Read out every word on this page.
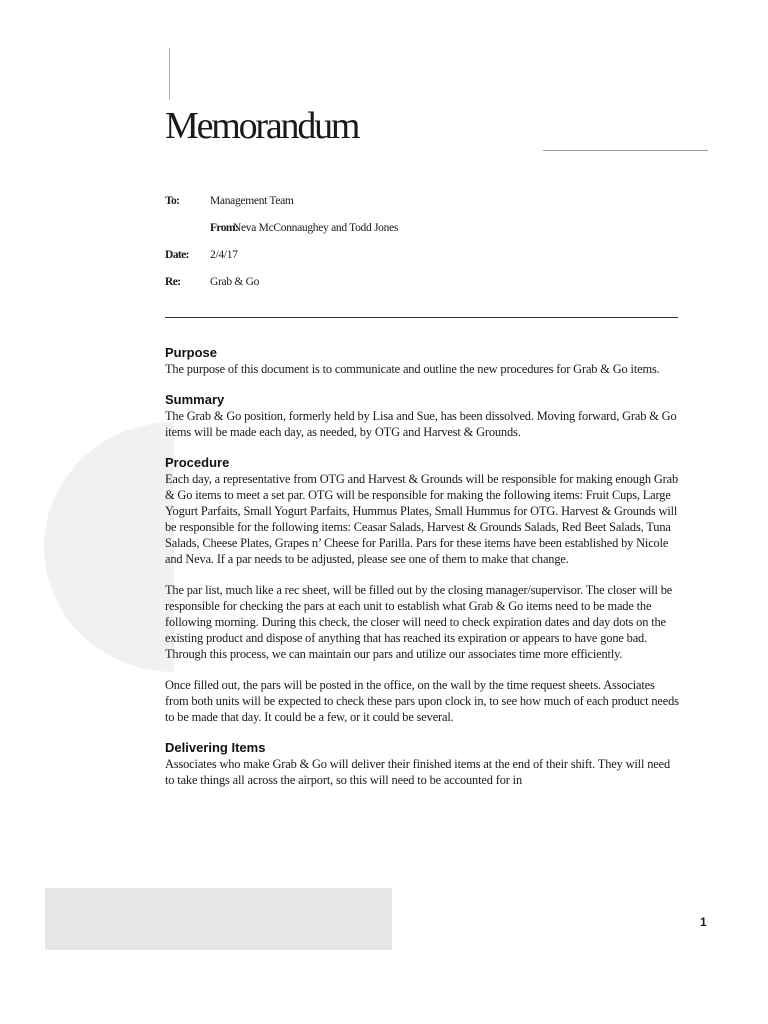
Memorandum
To:	Management Team
From:Neva McConnaughey and Todd Jones
Date: 2/4/17
Re:	Grab & Go
Purpose

The purpose of this document is to communicate and outline the new procedures for Grab & Go items.

Summary

The Grab & Go position, formerly held by Lisa and Sue, has been dissolved. Moving forward, Grab & Go items will be made each day, as needed, by OTG and Harvest & Grounds.

Procedure

Each day, a representative from OTG and Harvest & Grounds will be responsible for making enough Grab & Go items to meet a set par. OTG will be responsible for making the following items: Fruit Cups, Large Yogurt Parfaits, Small Yogurt Parfaits, Hummus Plates, Small Hummus for OTG. Harvest & Grounds will be responsible for the following items: Ceasar Salads, Harvest & Grounds Salads, Red Beet Salads, Tuna Salads, Cheese Plates, Grapes n’ Cheese for Parilla. Pars for these items have been established by Nicole and Neva. If a par needs to be adjusted, please see one of them to make that change.

The par list, much like a rec sheet, will be filled out by the closing manager/supervisor. The closer will be responsible for checking the pars at each unit to establish what Grab & Go items need to be made the following morning. During this check, the closer will need to check expiration dates and day dots on the existing product and dispose of anything that has reached its expiration or appears to have gone bad. Through this process, we can maintain our pars and utilize our associates time more efficiently.

Once filled out, the pars will be posted in the office, on the wall by the time request sheets. Associates from both units will be expected to check these pars upon clock in, to see how much of each product needs to be made that day. It could be a few, or it could be several.

Delivering Items

Associates who make Grab & Go will deliver their finished items at the end of their shift. They will need to take things all across the airport, so this will need to be accounted for in

1
